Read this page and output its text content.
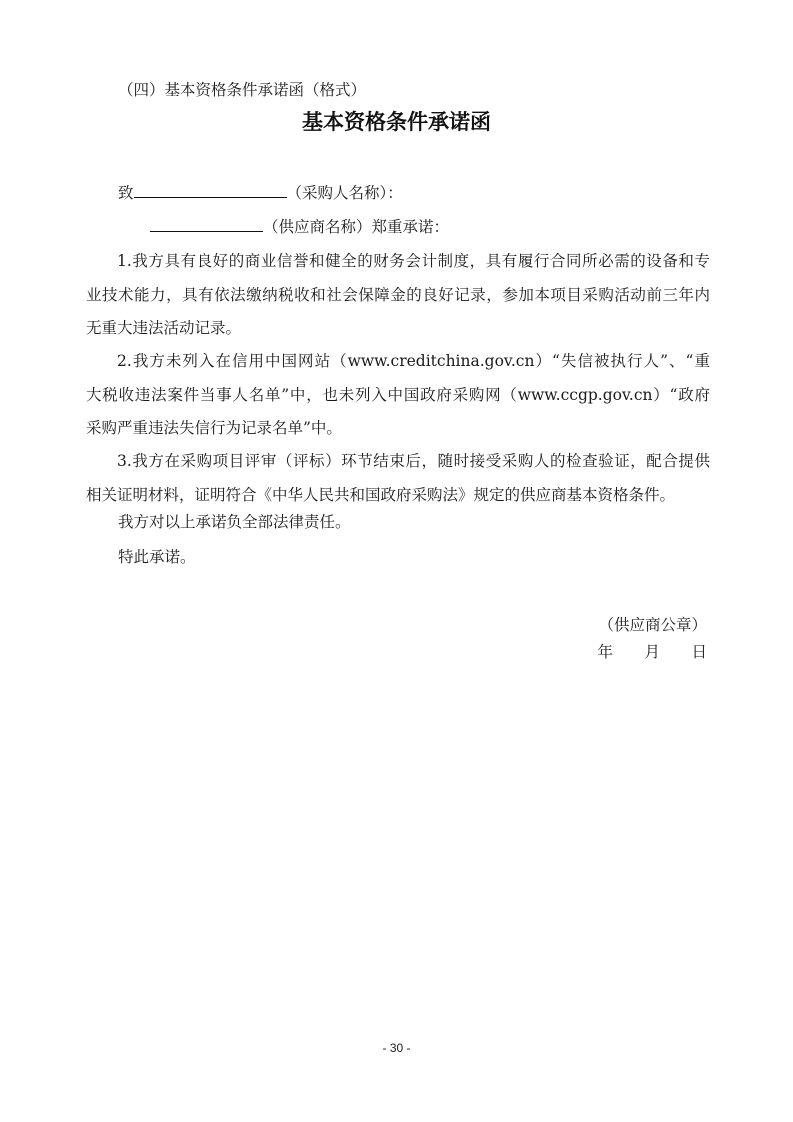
（四）基本资格条件承诺函（格式）
基本资格条件承诺函
致	（采购人名称）：
（供应商名称）郑重承诺：
1.我方具有良好的商业信誉和健全的财务会计制度，具有履行合同所必需的设备和专
业技术能力，具有依法缴纳税收和社会保障金的良好记录，参加本项目采购活动前三年内
无重大违法活动记录。
2.我方未列入在信用中国网站（www.creditchina.gov.cn）“失信被执行人”、“重
大税收违法案件当事人名单”中，也未列入中国政府采购网（www.ccgp.gov.cn）“政府
采购严重违法失信行为记录名单”中。
3.我方在采购项目评审（评标）环节结束后，随时接受采购人的检查验证，配合提供
相关证明材料，证明符合《中华人民共和国政府采购法》规定的供应商基本资格条件。
我方对以上承诺负全部法律责任。
特此承诺。
（供应商公章）
年	月	日
- 30 -
